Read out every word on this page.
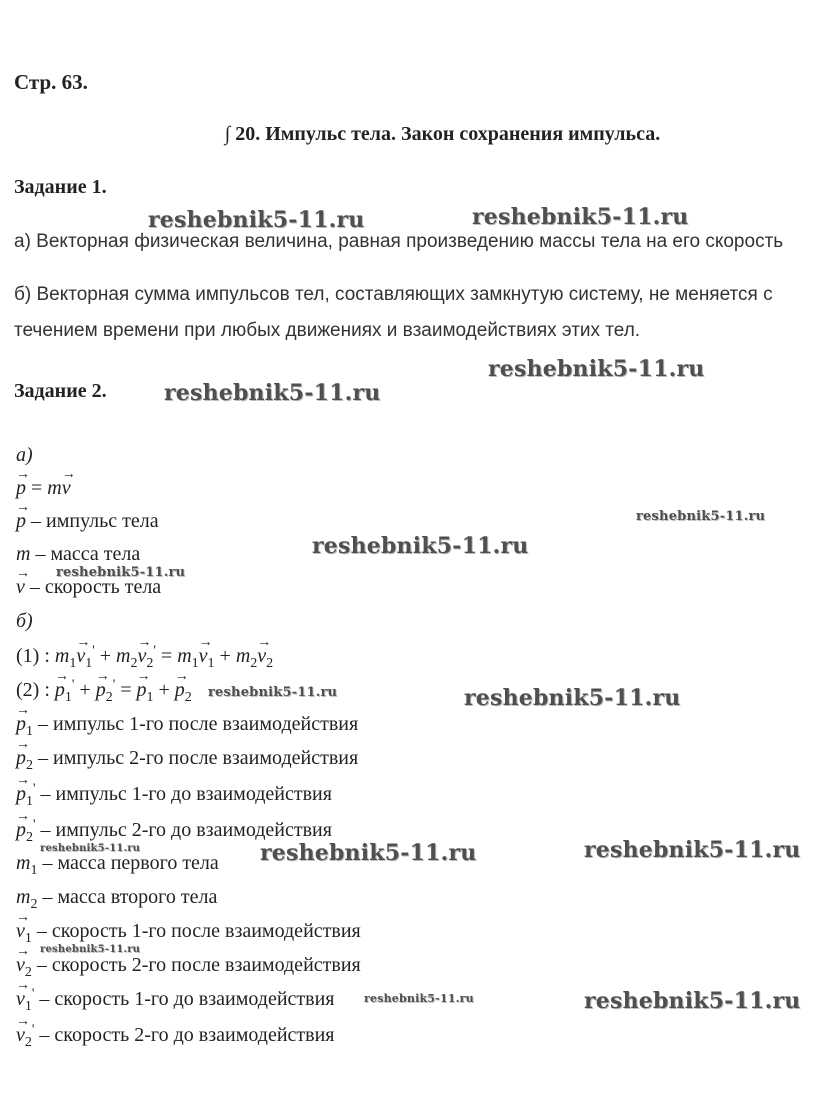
Стр. 63.
∫ 20. Импульс тела. Закон сохранения импульса.
Задание 1.
а) Векторная физическая величина, равная произведению массы тела на его скорость
б) Векторная сумма импульсов тел, составляющих замкнутую систему, не меняется с
течением времени при любых движениях и взаимодействиях этих тел.
Задание 2.
а)
→ p = m→ v
→ p – импульс тела
m – масса тела
→ v – скорость тела
б)
(1) : $m_1\to v_1' + m_2\to v_2' = m_1\to v_1 + m_2\to v_2$
(2) : → $p_1'$ + → $p_2'$ = → $p_1$ + → $p_2$
→ $p_1$ – импульс 1-го после взаимодействия
→ $p_2$ – импульс 2-го после взаимодействия
→ $p_1'$ – импульс 1-го до взаимодействия
→ $p_2'$ – импульс 2-го до взаимодействия
$m_1$ – масса первого тела
$m_2$ – масса второго тела
→ $v_1$ – скорость 1-го после взаимодействия
→ $v_2$ – скорость 2-го после взаимодействия
→ $v_1'$ – скорость 1-го до взаимодействия
→ $v_2'$ – скорость 2-го до взаимодействия
reshebnik5-11.ru	reshebnik5-11.ru
reshebnik5-11.ru
reshebnik5-11.ru
reshebnik5-11.ru
reshebnik5-11.ru
reshebnik5-11.ru
reshebnik5-11.ru	reshebnik5-11.ru
reshebnik5-11.ru	reshebnik5-11.ru	reshebnik5-11.ru
reshebnik5-11.ru
reshebnik5-11.ru	reshebnik5-11.ru
